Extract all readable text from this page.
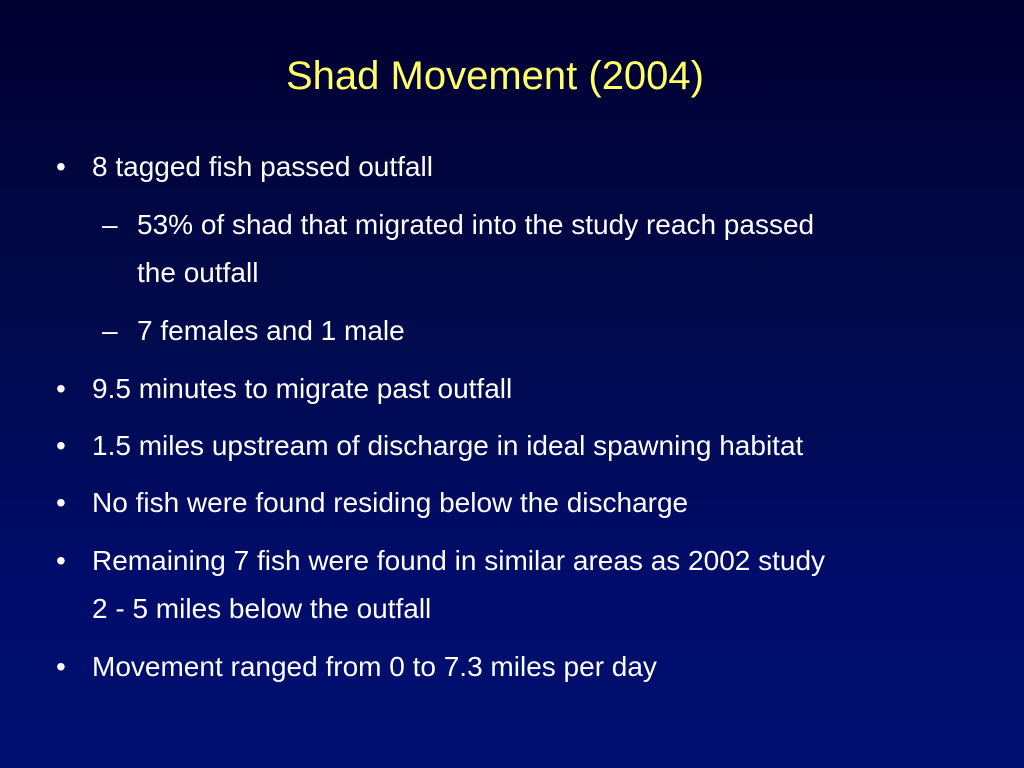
Shad Movement (2004)
• 8 tagged fish passed outfall
– 53% of shad that migrated into the study reach passed
the outfall
– 7 females and 1 male
• 9.5 minutes to migrate past outfall
• 1.5 miles upstream of discharge in ideal spawning habitat
• No fish were found residing below the discharge
• Remaining 7 fish were found in similar areas as 2002 study
2 - 5 miles below the outfall
• Movement ranged from 0 to 7.3 miles per day
